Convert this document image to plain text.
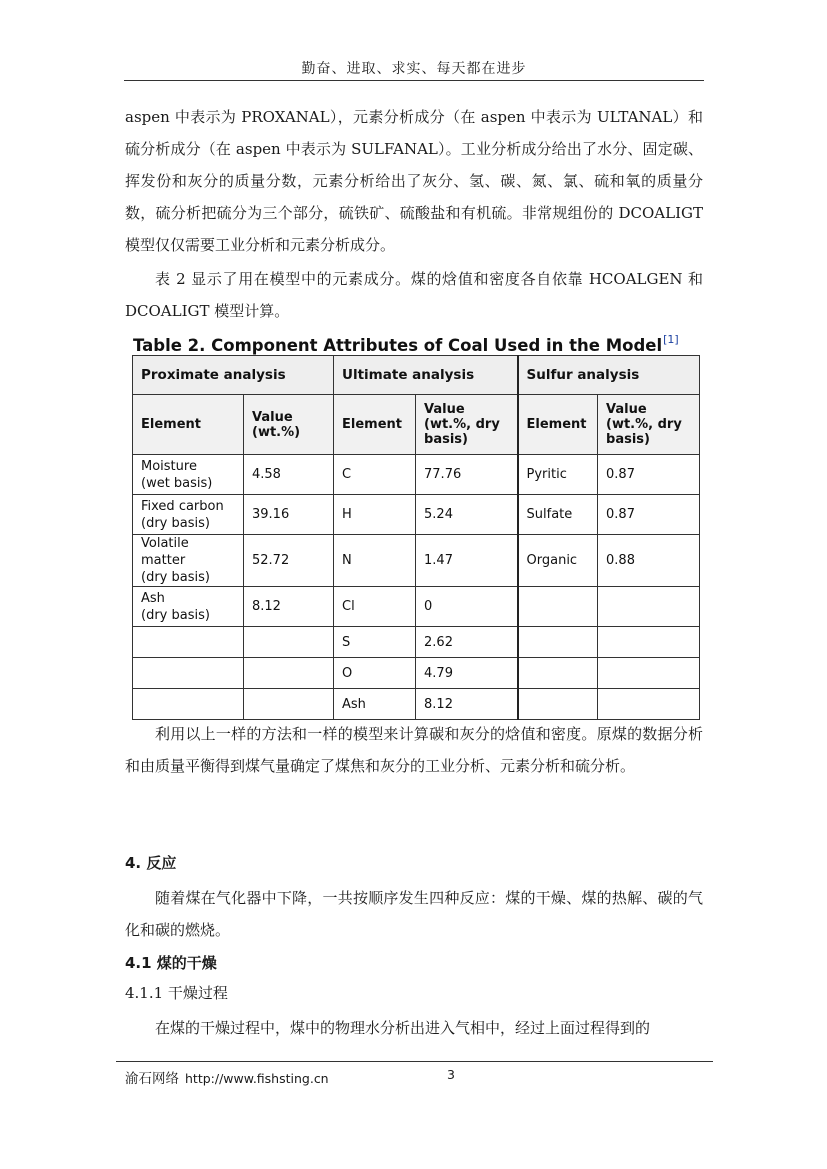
勤奋、进取、求实、每天都在进步

aspen 中表示为 PROXANAL），元素分析成分（在 aspen 中表示为 ULTANAL）和硫分析成分（在 aspen 中表示为 SULFANAL）。工业分析成分给出了水分、固定碳、挥发份和灰分的质量分数，元素分析给出了灰分、氢、碳、氮、氯、硫和氧的质量分数，硫分析把硫分为三个部分，硫铁矿、硫酸盐和有机硫。非常规组份的 DCOALIGT 模型仅仅需要工业分析和元素分析成分。

表 2 显示了用在模型中的元素成分。煤的焓值和密度各自依靠 HCOALGEN 和 DCOALIGT 模型计算。

Table 2. Component Attributes of Coal Used in the Model[1]
Proximate analysis		Ultimate analysis		Sulfur analysis	
Element	Value (wt.%)	Element	Value (wt.%, dry basis)	Element	Value (wt.%, dry basis)

Moisture
(wet basis)	4.58	C	77.76	Pyritic	0.87

Fixed carbon
(dry basis)	39.16	H	5.24	Sulfate	0.87

Volatile matter
(dry basis)	52.72	N	1.47	Organic	0.88

Ash
(dry basis)	8.12	Cl	0		

		S	2.62		

		O	4.79		

		Ash	8.12		

利用以上一样的方法和一样的模型来计算碳和灰分的焓值和密度。原煤的数据分析和由质量平衡得到煤气量确定了煤焦和灰分的工业分析、元素分析和硫分析。

4. 反应

随着煤在气化器中下降，一共按顺序发生四种反应：煤的干燥、煤的热解、碳的气化和碳的燃烧。

4.1 煤的干燥
4.1.1 干燥过程

在煤的干燥过程中，煤中的物理水分析出进入气相中，经过上面过程得到的

渝石网络 http://www.fishsting.cn	3
